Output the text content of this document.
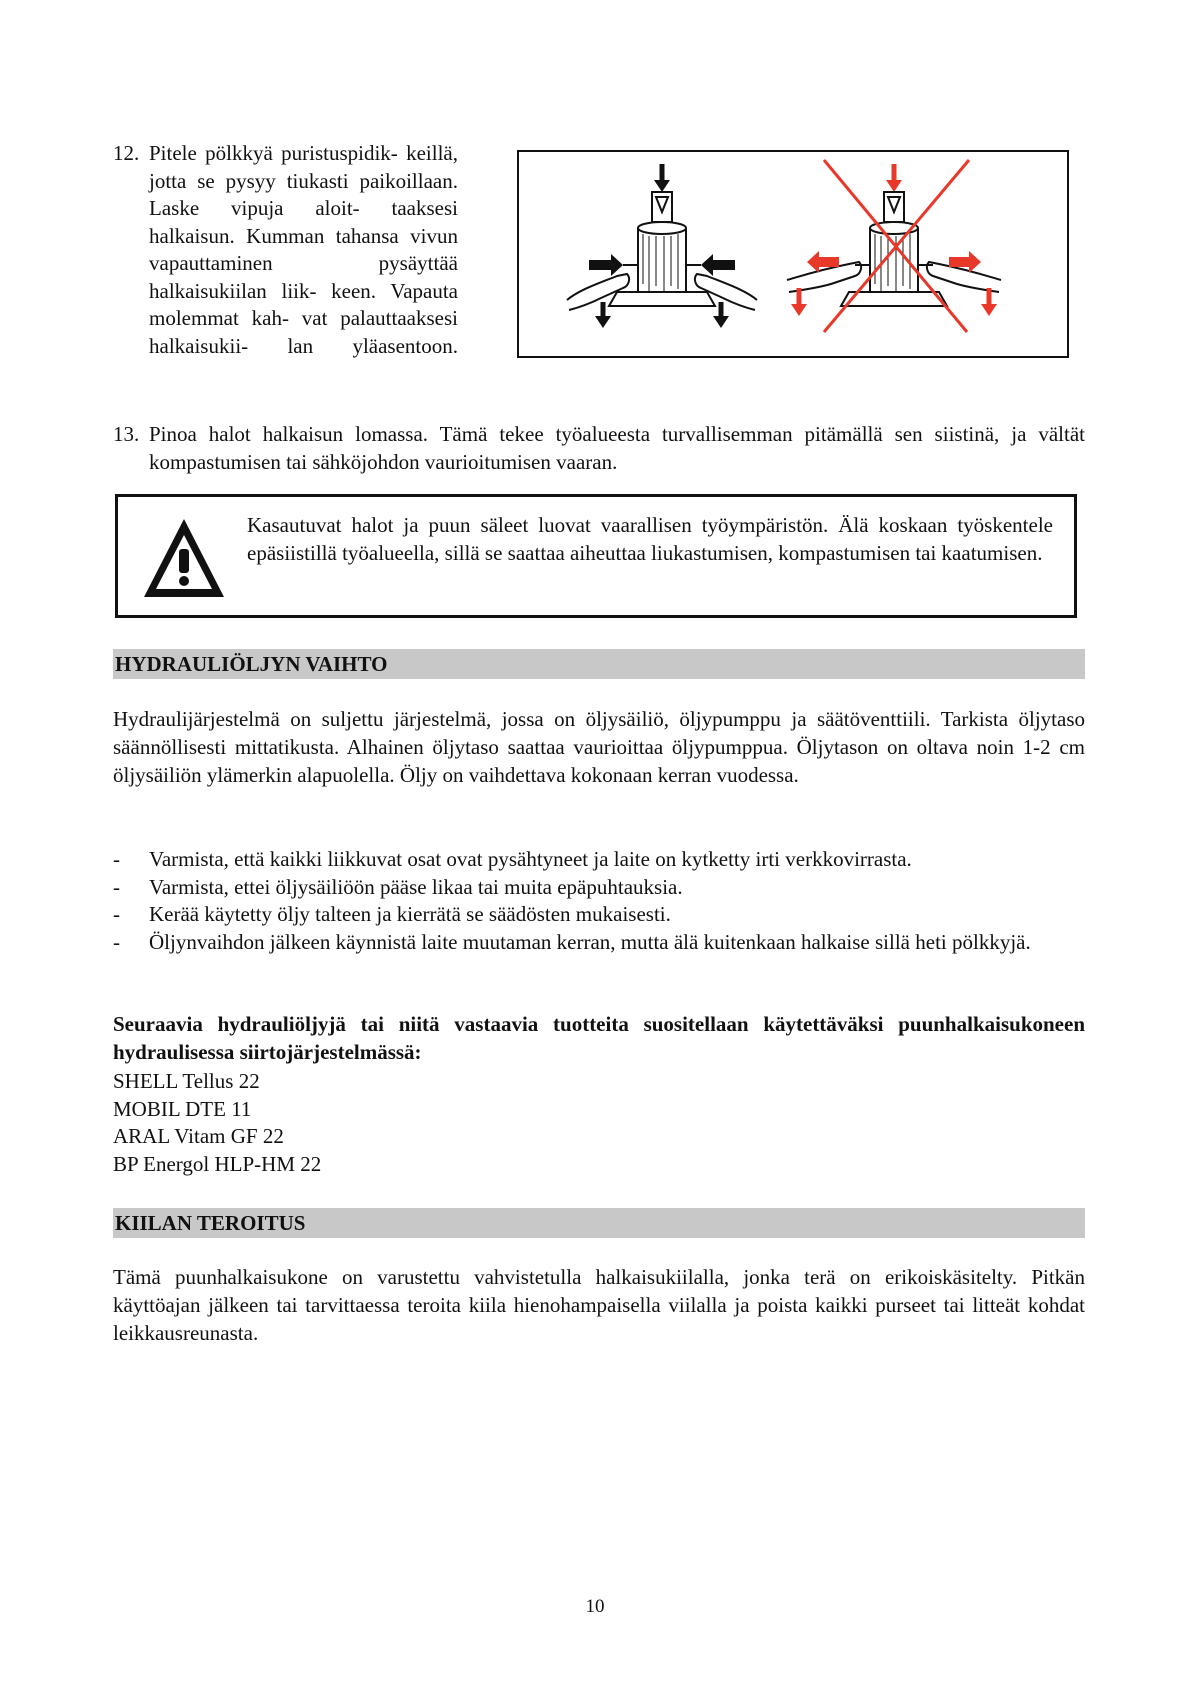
12. Pitele pölkkyä puristuspidik- keillä, jotta se pysyy tiukasti paikoillaan. Laske vipuja aloit- taaksesi halkaisun. Kumman tahansa vivun vapauttaminen pysäyttää halkaisukiilan liik- keen. Vapauta molemmat kah- vat palauttaaksesi halkaisukii- lan yläasentoon.
13. Pinoa halot halkaisun lomassa. Tämä tekee työalueesta turvallisemman pitämällä sen siistinä, ja vältät kompastumisen tai sähköjohdon vaurioitumisen vaaran.
Kasautuvat halot ja puun säleet luovat vaarallisen työympäristön. Älä koskaan työskentele epäsiistillä työalueella, sillä se saattaa aiheuttaa liukastumisen, kompastumisen tai kaatumisen.
HYDRAULIÖLJYN VAIHTO
Hydraulijärjestelmä on suljettu järjestelmä, jossa on öljysäiliö, öljypumppu ja säätöventtiili. Tarkista öljytaso säännöllisesti mittatikusta. Alhainen öljytaso saattaa vaurioittaa öljypumppua. Öljytason on oltava noin 1-2 cm öljysäiliön ylämerkin alapuolella. Öljy on vaihdettava kokonaan kerran vuodessa.
- Varmista, että kaikki liikkuvat osat ovat pysähtyneet ja laite on kytketty irti verkkovirrasta.
- Varmista, ettei öljysäiliöön pääse likaa tai muita epäpuhtauksia.
- Kerää käytetty öljy talteen ja kierrätä se säädösten mukaisesti.
- Öljynvaihdon jälkeen käynnistä laite muutaman kerran, mutta älä kuitenkaan halkaise sillä heti pölkkyjä.
Seuraavia hydrauliöljyjä tai niitä vastaavia tuotteita suositellaan käytettäväksi puunhalkaisukoneen hydraulisessa siirtojärjestelmässä:
SHELL Tellus 22
MOBIL DTE 11
ARAL Vitam GF 22
BP Energol HLP-HM 22
KIILAN TEROITUS
Tämä puunhalkaisukone on varustettu vahvistetulla halkaisukiilalla, jonka terä on erikoiskäsitelty. Pitkän käyttöajan jälkeen tai tarvittaessa teroita kiila hienohampaisella viilalla ja poista kaikki purseet tai litteät kohdat leikkausreunasta.
10
